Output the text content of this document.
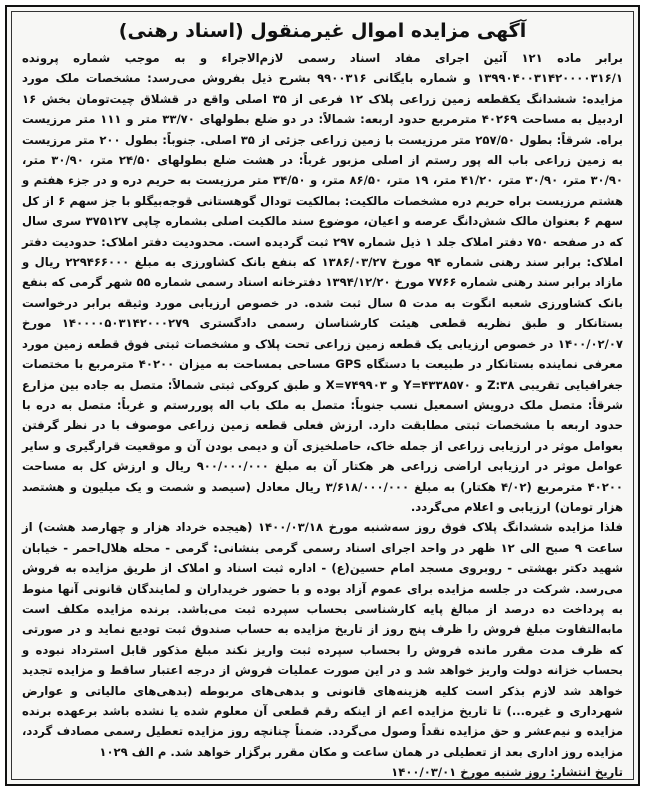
آگهی مزایده اموال غیرمنقول (اسناد رهنی)

برابر ماده ۱۲۱ آئین اجرای مفاد اسناد رسمی لازم‌الاجراء و به موجب شماره پرونده ۱۳۹۹۰۴۰۰۳۱۴۲۰۰۰۰۳۱۶/۱ و شماره بایگانی ۹۹۰۰۳۱۶ بشرح ذیل بفروش می‌رسد: مشخصات ملک مورد مزایده: ششدانگ یکقطعه زمین زراعی پلاک ۱۲ فرعی از ۳۵ اصلی واقع در قشلاق چیت‌تومان بخش ۱۶ اردبیل به مساحت ۴۰۲۶۹ مترمربع حدود اربعه: شمالاً: در دو ضلع بطولهای ۳۳/۷۰ متر و ۱۱۱ متر مرزیست براه. شرقاً: بطول ۲۵۷/۵۰ متر مرزیست با زمین زراعی جزئی از ۳۵ اصلی. جنوباً: بطول ۲۰۰ متر مرزیست به زمین زراعی باب اله پور رستم از اصلی مزبور غرباً: در هشت ضلع بطولهای ۲۴/۵۰ متر، ۳۰/۹۰ متر، ۳۰/۹۰ متر، ۳۰/۹۰ متر، ۴۱/۲۰ متر، ۱۹ متر، ۸۶/۵۰ متر، و ۳۴/۵۰ متر مرزیست به حریم دره و در جزء هفتم و هشتم مرزیست براه حریم دره مشخصات مالکیت: بمالکیت تودال گوهستانی قوجه‌بیگلو با جز سهم ۶ از کل سهم ۶ بعنوان مالک شش‌دانگ عرصه و اعیان، موضوع سند مالکیت اصلی بشماره چاپی ۳۷۵۱۲۷ سری سال که در صفحه ۷۵۰ دفتر املاک جلد ۱ ذیل شماره ۲۹۷ ثبت گردیده است. محدودیت دفتر املاک: حدودیت دفتر املاک: برابر سند رهنی شماره ۹۴ مورخ ۱۳۸۶/۰۳/۲۷ که بنفع بانک کشاورزی به مبلغ ۲۲۹۴۶۶۰۰۰ ریال و مازاد برابر سند رهنی شماره ۷۷۶۶ مورخ ۱۳۹۴/۱۲/۲۰ دفترخانه اسناد رسمی شماره ۵۵ شهر گرمی که بنفع بانک کشاورزی شعبه انگوت به مدت ۵ سال ثبت شده. در خصوص ارزیابی مورد وثیقه برابر درخواست بستانکار و طبق نظریه قطعی هیئت کارشناسان رسمی دادگستری ۱۴۰۰۰۰۵۰۳۱۴۲۰۰۰۲۷۹ مورخ ۱۴۰۰/۰۲/۰۷ در خصوص ارزیابی یک قطعه زمین زراعی تحت پلاک و مشخصات ثبتی فوق قطعه زمین مورد معرفی نماینده بستانکار در طبیعت با دستگاه GPS مساحی بمساحت به میزان ۴۰۲۰۰ مترمربع با مختصات جغرافیایی تقریبی Z:۳۸ و Y=۴۳۳۸۵۷۰ و X=۷۴۹۹۰۳ و طبق کروکی ثبتی شمالاً: متصل به جاده بین مزارع شرقاً: متصل ملک درویش اسمعیل نسب جنوباً: متصل به ملک باب اله پوررستم و غرباً: متصل به دره با حدود اربعه با مشخصات ثبتی مطابقت دارد. ارزش فعلی قطعه زمین زراعی موصوف با در نظر گرفتن بعوامل موثر در ارزیابی زراعی از جمله خاک، حاصلخیزی آن و دیمی بودن آن و موقعیت قرارگیری و سایر عوامل موثر در ارزیابی اراضی زراعی هر هکتار آن به مبلغ ۹۰۰/۰۰۰/۰۰۰ ریال و ارزش کل به مساحت ۴۰۲۰۰ مترمربع (۴/۰۲ هکتار) به مبلغ ۳/۶۱۸/۰۰۰/۰۰۰ ریال معادل (سیصد و شصت و یک میلیون و هشتصد هزار تومان) ارزیابی و اعلام می‌گردد.

فلذا مزایده ششدانگ پلاک فوق روز سه‌شنبه مورخ ۱۴۰۰/۰۳/۱۸ (هیجده خرداد هزار و چهارصد هشت) از ساعت ۹ صبح الی ۱۲ ظهر در واحد اجرای اسناد رسمی گرمی بنشانی: گرمی - محله هلال‌احمر - خیابان شهید دکتر بهشتی - روبروی مسجد امام حسین(ع) - اداره ثبت اسناد و املاک از طریق مزایده به فروش می‌رسد. شرکت در جلسه مزایده برای عموم آزاد بوده و با حضور خریداران و لمایندگان قانونی آنها منوط به پرداخت ده درصد از مبالغ پایه کارشناسی بحساب سپرده ثبت می‌باشد. برنده مزایده مکلف است مابه‌التفاوت مبلغ فروش را ظرف پنج روز از تاریخ مزایده به حساب صندوق ثبت تودیع نماید و در صورتی که ظرف مدت مقرر مانده فروش را بحساب سپرده ثبت واریز نکند مبلغ مذکور قابل استرداد نبوده و بحساب خزانه دولت واریز خواهد شد و در این صورت عملیات فروش از درجه اعتبار ساقط و مزایده تجدید خواهد شد لازم بذکر است کلیه هزینه‌های قانونی و بدهی‌های مربوطه (بدهی‌های مالیاتی و عوارض شهرداری و غیره...) تا تاریخ مزایده اعم از اینکه رقم قطعی آن معلوم شده یا نشده باشد برعهده برنده مزایده و نیم‌عشر و حق مزایده نقداً وصول می‌گردد. ضمناً چنانچه روز مزایده تعطیل رسمی مصادف گردد، مزایده روز اداری بعد از تعطیلی در همان ساعت و مکان مقرر برگزار خواهد شد. م الف ۱۰۲۹

تاریخ انتشار: روز شنبه مورخ ۱۴۰۰/۰۳/۰۱
